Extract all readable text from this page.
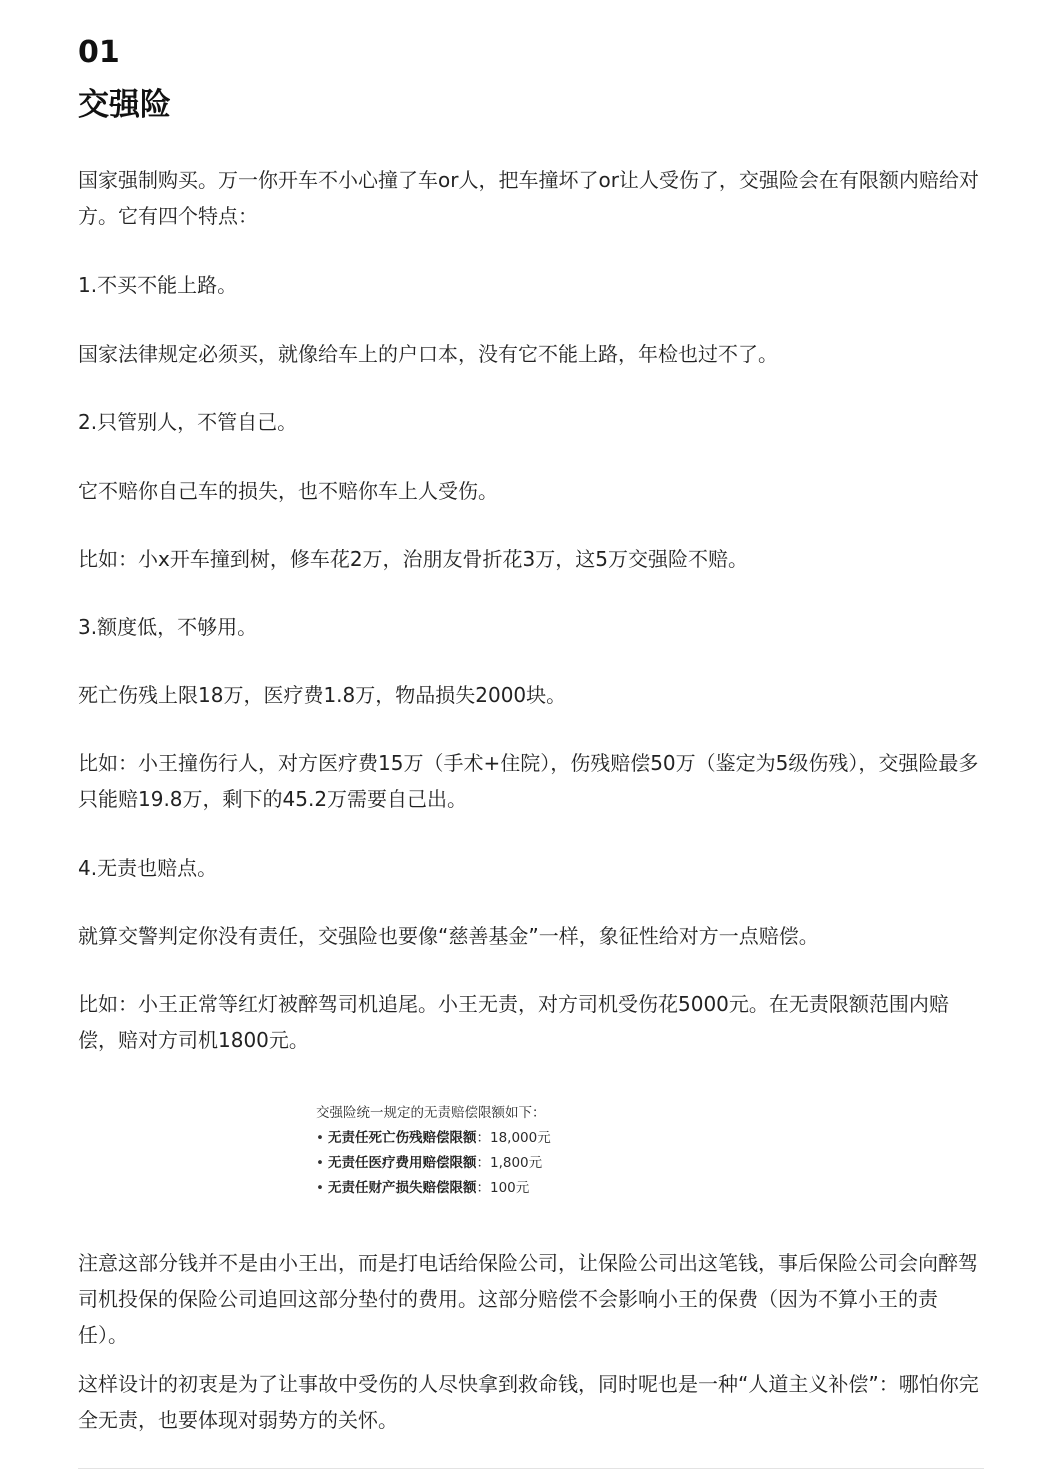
01
交强险

国家强制购买。万一你开车不小心撞了车or人，把车撞坏了or让人受伤了，交强险会在有限额内赔给对方。它有四个特点：

1.不买不能上路。

国家法律规定必须买，就像给车上的户口本，没有它不能上路，年检也过不了。

2.只管别人，不管自己。

它不赔你自己车的损失，也不赔你车上人受伤。

比如：小x开车撞到树，修车花2万，治朋友骨折花3万，这5万交强险不赔。

3.额度低，不够用。

死亡伤残上限18万，医疗费1.8万，物品损失2000块。

比如：小王撞伤行人，对方医疗费15万（手术+住院），伤残赔偿50万（鉴定为5级伤残），交强险最多只能赔19.8万，剩下的45.2万需要自己出。

4.无责也赔点。

就算交警判定你没有责任，交强险也要像“慈善基金”一样，象征性给对方一点赔偿。

比如：小王正常等红灯被醉驾司机追尾。小王无责，对方司机受伤花5000元。在无责限额范围内赔偿，赔对方司机1800元。

注意这部分钱并不是由小王出，而是打电话给保险公司，让保险公司出这笔钱，事后保险公司会向醉驾司机投保的保险公司追回这部分垫付的费用。这部分赔偿不会影响小王的保费（因为不算小王的责任）。

这样设计的初衷是为了让事故中受伤的人尽快拿到救命钱，同时呢也是一种“人道主义补偿”：哪怕你完全无责，也要体现对弱势方的关怀。

交强险统一规定的无责赔偿限额如下：

• 无责任死亡伤残赔偿限额：18,000元
• 无责任医疗费用赔偿限额：1,800元
• 无责任财产损失赔偿限额：100元
